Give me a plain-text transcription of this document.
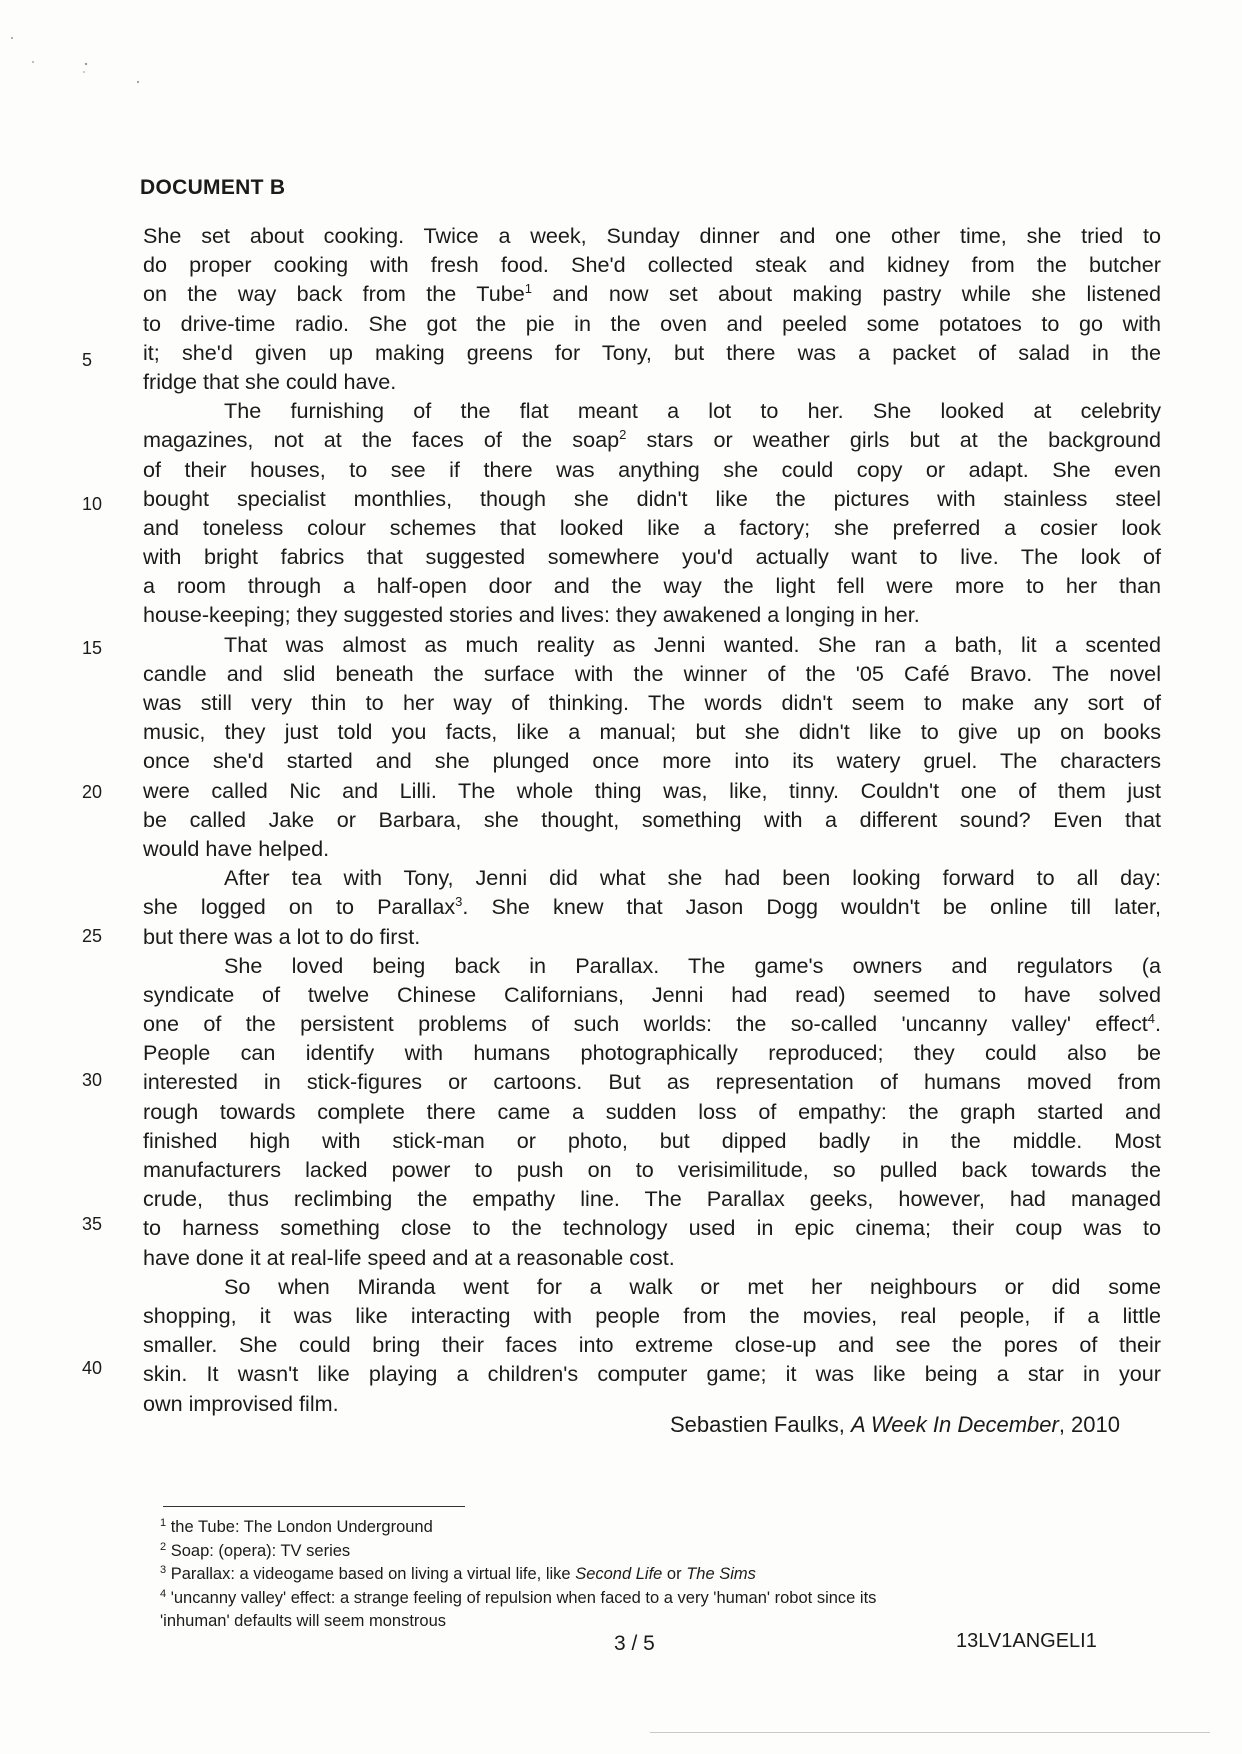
DOCUMENT B
5
10
15
20
25
30
35
40
She set about cooking. Twice a week, Sunday dinner and one other time, she tried to
do proper cooking with fresh food. She'd collected steak and kidney from the butcher
on the way back from the Tube$^1$ and now set about making pastry while she listened
to drive-time radio. She got the pie in the oven and peeled some potatoes to go with
it; she'd given up making greens for Tony, but there was a packet of salad in the
fridge that she could have.
The furnishing of the flat meant a lot to her. She looked at celebrity
magazines, not at the faces of the soap$^2$ stars or weather girls but at the background
of their houses, to see if there was anything she could copy or adapt. She even
bought specialist monthlies, though she didn't like the pictures with stainless steel
and toneless colour schemes that looked like a factory; she preferred a cosier look
with bright fabrics that suggested somewhere you'd actually want to live. The look of
a room through a half-open door and the way the light fell were more to her than
house-keeping; they suggested stories and lives: they awakened a longing in her.
That was almost as much reality as Jenni wanted. She ran a bath, lit a scented
candle and slid beneath the surface with the winner of the '05 Café Bravo. The novel
was still very thin to her way of thinking. The words didn't seem to make any sort of
music, they just told you facts, like a manual; but she didn't like to give up on books
once she'd started and she plunged once more into its watery gruel. The characters
were called Nic and Lilli. The whole thing was, like, tinny. Couldn't one of them just
be called Jake or Barbara, she thought, something with a different sound? Even that
would have helped.
After tea with Tony, Jenni did what she had been looking forward to all day:
she logged on to Parallax$^3$. She knew that Jason Dogg wouldn't be online till later,
but there was a lot to do first.
She loved being back in Parallax. The game's owners and regulators (a
syndicate of twelve Chinese Californians, Jenni had read) seemed to have solved
one of the persistent problems of such worlds: the so-called 'uncanny valley' effect$^4$.
People can identify with humans photographically reproduced; they could also be
interested in stick-figures or cartoons. But as representation of humans moved from
rough towards complete there came a sudden loss of empathy: the graph started and
finished high with stick-man or photo, but dipped badly in the middle. Most
manufacturers lacked power to push on to verisimilitude, so pulled back towards the
crude, thus reclimbing the empathy line. The Parallax geeks, however, had managed
to harness something close to the technology used in epic cinema; their coup was to
have done it at real-life speed and at a reasonable cost.
So when Miranda went for a walk or met her neighbours or did some
shopping, it was like interacting with people from the movies, real people, if a little
smaller. She could bring their faces into extreme close-up and see the pores of their
skin. It wasn't like playing a children's computer game; it was like being a star in your
own improvised film.
Sebastien Faulks, A Week In December, 2010
$^1$ the Tube: The London Underground
$^2$ Soap: (opera): TV series
$^3$ Parallax: a videogame based on living a virtual life, like Second Life or The Sims
$^4$ 'uncanny valley' effect: a strange feeling of repulsion when faced to a very 'human' robot since its
'inhuman' defaults will seem monstrous
3 / 5	13LV1ANGELI1
